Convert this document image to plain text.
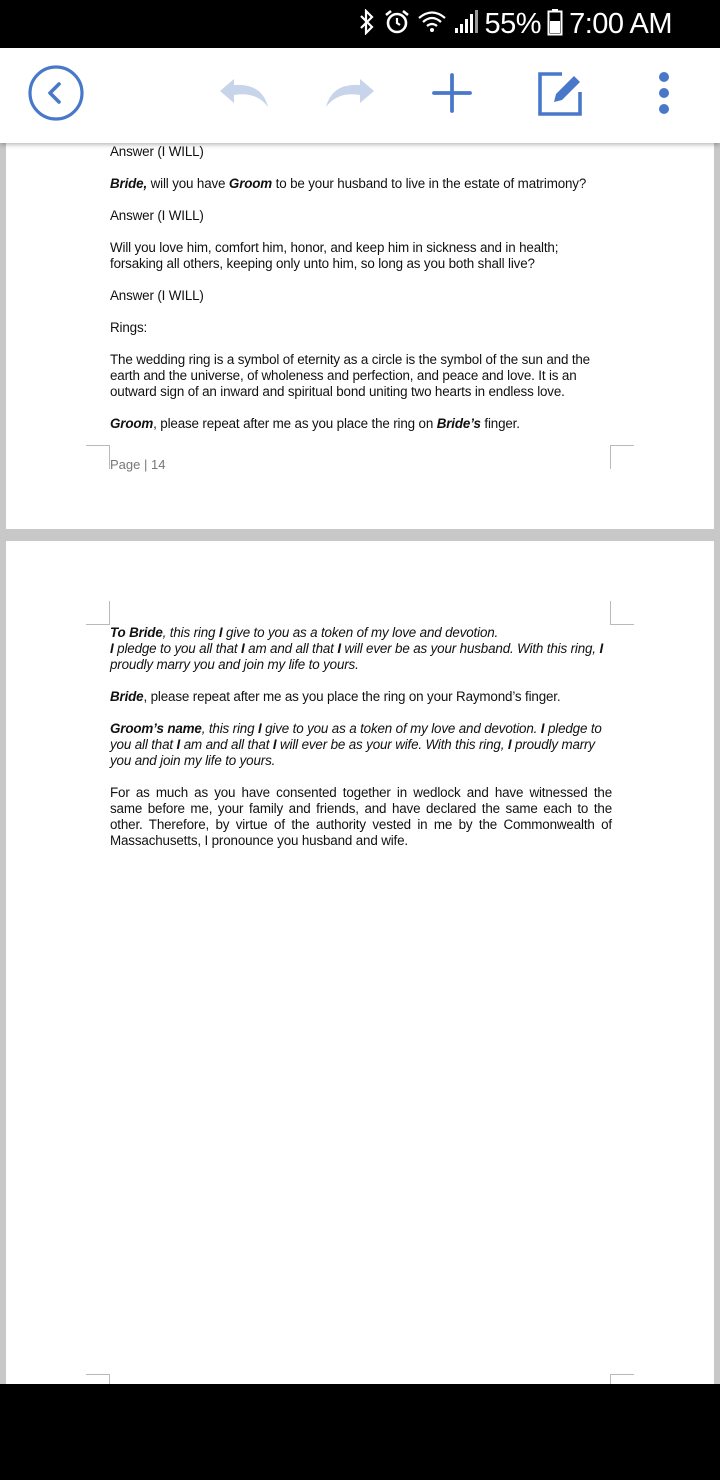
55% 7:00 AM
Answer (I WILL)
Bride, will you have Groom to be your husband to live in the estate of matrimony?
Answer (I WILL)
Will you love him, comfort him, honor, and keep him in sickness and in health; forsaking all others, keeping only unto him, so long as you both shall live?
Answer (I WILL)
Rings:
The wedding ring is a symbol of eternity as a circle is the symbol of the sun and the earth and the universe, of wholeness and perfection, and peace and love. It is an outward sign of an inward and spiritual bond uniting two hearts in endless love.
Groom, please repeat after me as you place the ring on Bride’s finger.
Page | 14
To Bride, this ring I give to you as a token of my love and devotion.
I pledge to you all that I am and all that I will ever be as your husband. With this ring, I proudly marry you and join my life to yours.
Bride, please repeat after me as you place the ring on your Raymond’s finger.
Groom’s name, this ring I give to you as a token of my love and devotion. I pledge to you all that I am and all that I will ever be as your wife. With this ring, I proudly marry you and join my life to yours.
For as much as you have consented together in wedlock and have witnessed the same before me, your family and friends, and have declared the same each to the other. Therefore, by virtue of the authority vested in me by the Commonwealth of Massachusetts, I pronounce you husband and wife.
